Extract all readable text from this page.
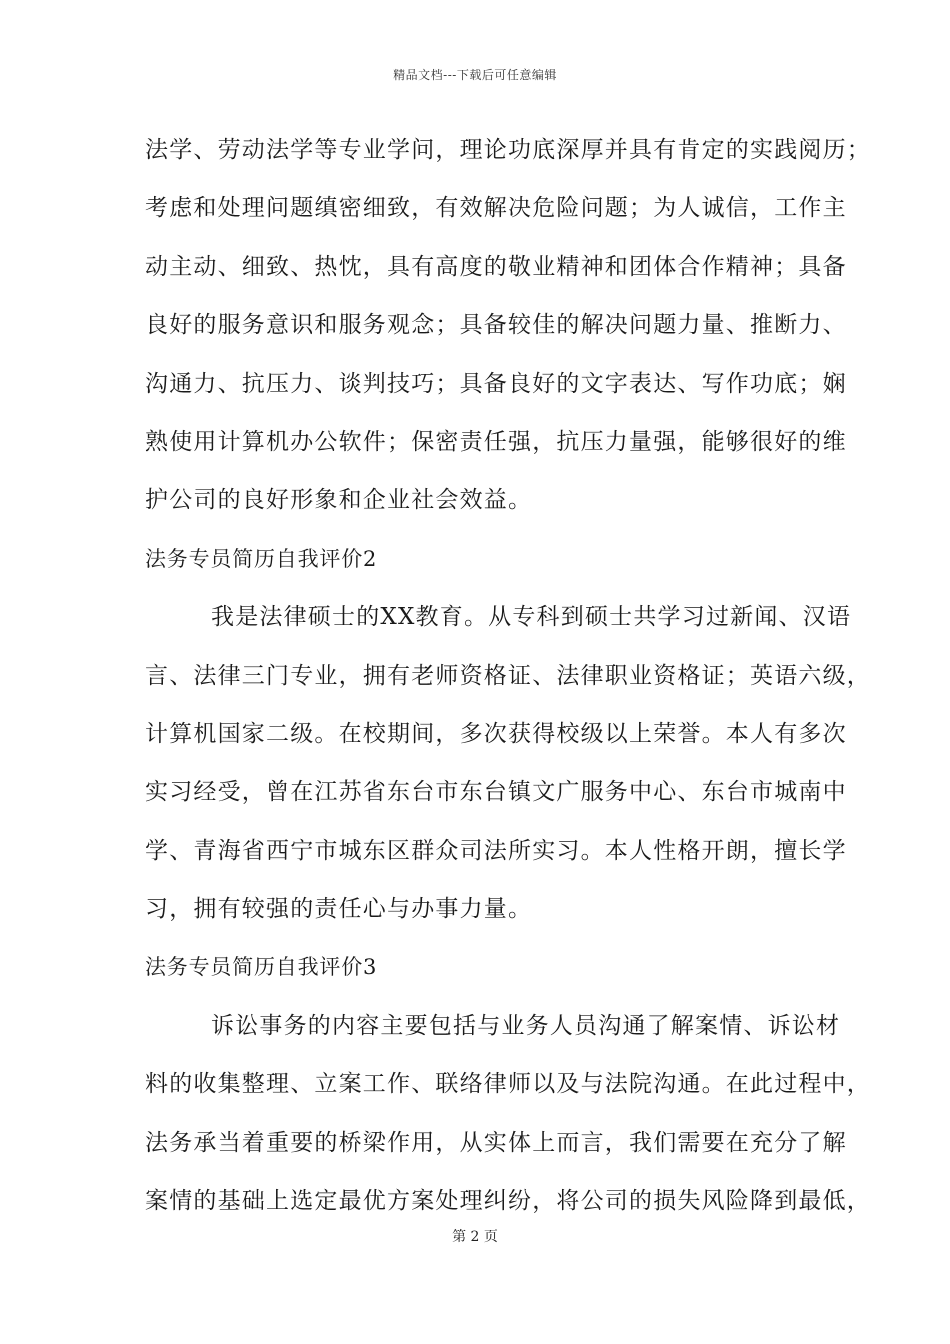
精品文档---下载后可任意编辑
法学、劳动法学等专业学问，理论功底深厚并具有肯定的实践阅历；
考虑和处理问题缜密细致，有效解决危险问题；为人诚信，工作主
动主动、细致、热忱，具有高度的敬业精神和团体合作精神；具备
良好的服务意识和服务观念；具备较佳的解决问题力量、推断力、
沟通力、抗压力、谈判技巧；具备良好的文字表达、写作功底；娴
熟使用计算机办公软件；保密责任强，抗压力量强，能够很好的维
护公司的良好形象和企业社会效益。
法务专员简历自我评价2
我是法律硕士的XX教育。从专科到硕士共学习过新闻、汉语
言、法律三门专业，拥有老师资格证、法律职业资格证；英语六级，
计算机国家二级。在校期间，多次获得校级以上荣誉。本人有多次
实习经受，曾在江苏省东台市东台镇文广服务中心、东台市城南中
学、青海省西宁市城东区群众司法所实习。本人性格开朗，擅长学
习，拥有较强的责任心与办事力量。
法务专员简历自我评价3
诉讼事务的内容主要包括与业务人员沟通了解案情、诉讼材
料的收集整理、立案工作、联络律师以及与法院沟通。在此过程中，
法务承当着重要的桥梁作用，从实体上而言，我们需要在充分了解
案情的基础上选定最优方案处理纠纷，将公司的损失风险降到最低，
第 2 页
